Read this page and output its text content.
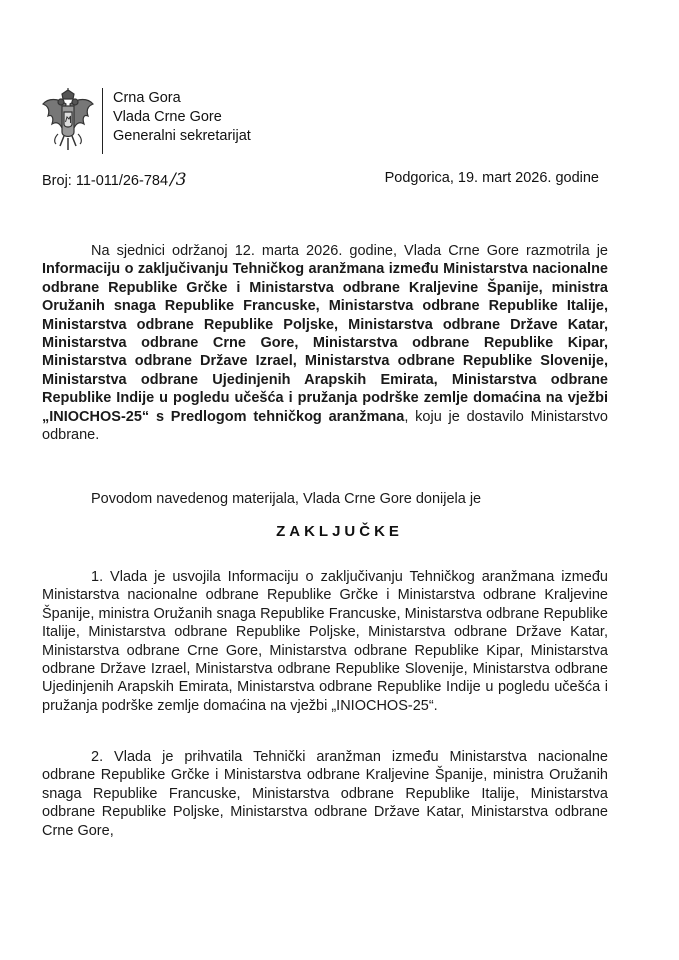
Crna Gora
Vlada Crne Gore
Generalni sekretarijat
Broj: 11-011/26-784 /3	Podgorica, 19. mart 2026. godine
Na sjednici održanoj 12. marta 2026. godine, Vlada Crne Gore razmotrila je Informaciju o zaključivanju Tehničkog aranžmana između Ministarstva nacionalne odbrane Republike Grčke i Ministarstva odbrane Kraljevine Španije, ministra Oružanih snaga Republike Francuske, Ministarstva odbrane Republike Italije, Ministarstva odbrane Republike Poljske, Ministarstva odbrane Države Katar, Ministarstva odbrane Crne Gore, Ministarstva odbrane Republike Kipar, Ministarstva odbrane Države Izrael, Ministarstva odbrane Republike Slovenije, Ministarstva odbrane Ujedinjenih Arapskih Emirata, Ministarstva odbrane Republike Indije u pogledu učešća i pružanja podrške zemlje domaćina na vježbi „INIOCHOS-25“ s Predlogom tehničkog aranžmana, koju je dostavilo Ministarstvo odbrane.
Povodom navedenog materijala, Vlada Crne Gore donijela je
ZAKLJUČKE
1. Vlada je usvojila Informaciju o zaključivanju Tehničkog aranžmana između Ministarstva nacionalne odbrane Republike Grčke i Ministarstva odbrane Kraljevine Španije, ministra Oružanih snaga Republike Francuske, Ministarstva odbrane Republike Italije, Ministarstva odbrane Republike Poljske, Ministarstva odbrane Države Katar, Ministarstva odbrane Crne Gore, Ministarstva odbrane Republike Kipar, Ministarstva odbrane Države Izrael, Ministarstva odbrane Republike Slovenije, Ministarstva odbrane Ujedinjenih Arapskih Emirata, Ministarstva odbrane Republike Indije u pogledu učešća i pružanja podrške zemlje domaćina na vježbi „INIOCHOS-25“.
2. Vlada je prihvatila Tehnički aranžman između Ministarstva nacionalne odbrane Republike Grčke i Ministarstva odbrane Kraljevine Španije, ministra Oružanih snaga Republike Francuske, Ministarstva odbrane Republike Italije, Ministarstva odbrane Republike Poljske, Ministarstva odbrane Države Katar, Ministarstva odbrane Crne Gore,
